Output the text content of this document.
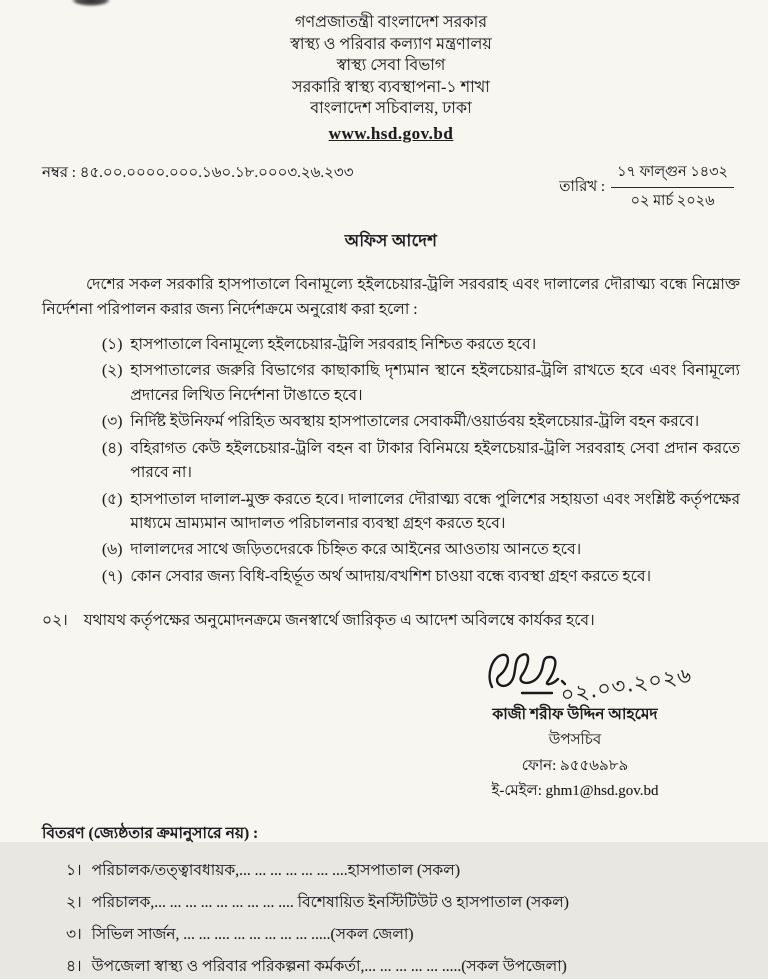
গণপ্রজাতন্ত্রী বাংলাদেশ সরকার
স্বাস্থ্য ও পরিবার কল্যাণ মন্ত্রণালয়
স্বাস্থ্য সেবা বিভাগ
সরকারি স্বাস্থ্য ব্যবস্থাপনা-১ শাখা
বাংলাদেশ সচিবালয়, ঢাকা
www.hsd.gov.bd
নম্বর : ৪৫.০০.০০০০.০০০.১৬০.১৮.০০০৩.২৬.২৩৩
তারিখ :
১৭ ফাল্গুন ১৪৩২
০২ মার্চ ২০২৬
অফিস আদেশ

দেশের সকল সরকারি হাসপাতালে বিনামূল্যে হইলচেয়ার-ট্রলি সরবরাহ এবং দালালের দৌরাত্ম্য বন্ধে নিম্নোক্ত নির্দেশনা পরিপালন করার জন্য নির্দেশক্রমে অনুরোধ করা হলো :

(১) হাসপাতালে বিনামূল্যে হইলচেয়ার-ট্রলি সরবরাহ নিশ্চিত করতে হবে।
(২) হাসপাতালের জরুরি বিভাগের কাছাকাছি দৃশ্যমান স্থানে হইলচেয়ার-ট্রলি রাখতে হবে এবং বিনামূল্যে প্রদানের লিখিত নির্দেশনা টাঙাতে হবে।
(৩) নির্দিষ্ট ইউনিফর্ম পরিহিত অবস্থায় হাসপাতালের সেবাকর্মী/ওয়ার্ডবয় হইলচেয়ার-ট্রলি বহন করবে।
(৪) বহিরাগত কেউ হইলচেয়ার-ট্রলি বহন বা টাকার বিনিময়ে হইলচেয়ার-ট্রলি সরবরাহ সেবা প্রদান করতে পারবে না।
(৫) হাসপাতাল দালাল-মুক্ত করতে হবে। দালালের দৌরাত্ম্য বন্ধে পুলিশের সহায়তা এবং সংশ্লিষ্ট কর্তৃপক্ষের মাধ্যমে ভ্রাম্যমান আদালত পরিচালনার ব্যবস্থা গ্রহণ করতে হবে।
(৬) দালালদের সাথে জড়িতদেরকে চিহ্নিত করে আইনের আওতায় আনতে হবে।
(৭) কোন সেবার জন্য বিধি-বহির্ভূত অর্থ আদায়/বখশিশ চাওয়া বন্ধে ব্যবস্থা গ্রহণ করতে হবে।
০২। যথাযথ কর্তৃপক্ষের অনুমোদনক্রমে জনস্বার্থে জারিকৃত এ আদেশ অবিলম্বে কার্যকর হবে।
০২.০৩.২০২৬
কাজী শরীফ উদ্দিন আহমেদ
উপসচিব
ফোন: ৯৫৫৬৯৮৯
ই-মেইল: ghm1@hsd.gov.bd
বিতরণ (জ্যেষ্ঠতার ক্রমানুসারে নয়) :
১। পরিচালক/তত্ত্বাবধায়ক,... ... ... ... ... ... ....হাসপাতাল (সকল)
২। পরিচালক,... ... ... ... ... ... ... ... .... বিশেষায়িত ইনস্টিটিউট ও হাসপাতাল (সকল)
৩। সিভিল সার্জন, ... ... .... ... ... ... ... ... .....(সকল জেলা)
৪। উপজেলা স্বাস্থ্য ও পরিবার পরিকল্পনা কর্মকর্তা,... ... ... ... ... .....(সকল উপজেলা)
